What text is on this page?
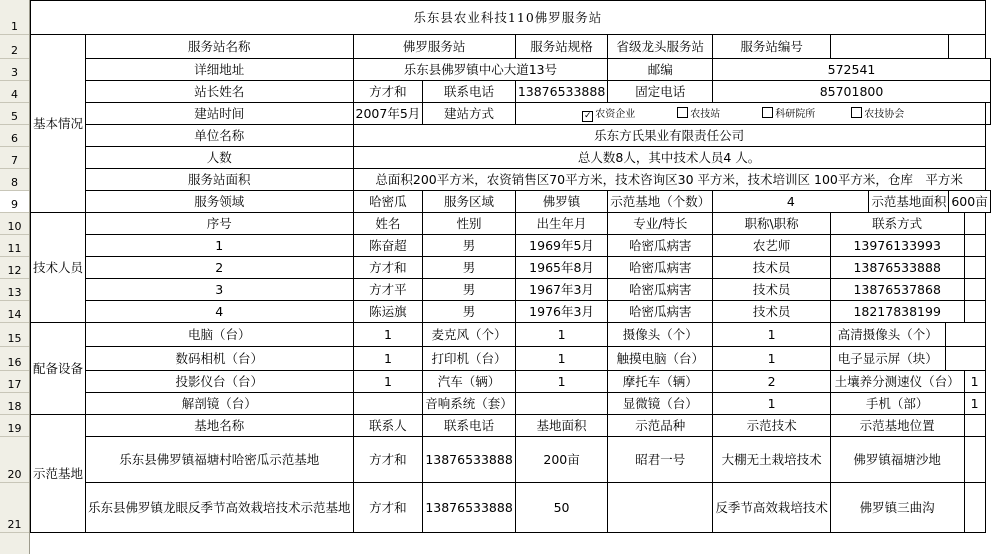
1
2
3
4
5
6
7
8
9
10
11
12
13
14
15
16
17
18
19
20
21
乐东县农业科技110佛罗服务站												
基本情况	服务站名称	佛罗服务站		服务站规格	省级龙头服务站	服务站编号						
	详细地址	乐东县佛罗镇中心大道13号			邮编	572541						
	站长姓名	方才和	联系电话	13876533888	固定电话	85701800						
	建站时间	2007年5月	建站方式	✓ 农资企业 农技站 科研院所 农技协会								
	单位名称	乐东方氏果业有限责任公司										
	人数	总人数8人，其中技术人员4 人。										
	服务站面积	总面积200平方米，农资销售区70平方米，技术咨询区30 平方米，技术培训区 100平方米，仓库　平方米										
	服务领域	哈密瓜	服务区域	佛罗镇	示范基地（个数）	4		示范基地面积		600亩		
技术人员	序号	姓名	性别	出生年月	专业/特长	职称\职称	联系方式					
	1	陈奋超	男	1969年5月	哈密瓜病害	农艺师	13976133993					
	2	方才和	男	1965年8月	哈密瓜病害	技术员	13876533888					
	3	方才平	男	1967年3月	哈密瓜病害	技术员	13876537868					
	4	陈运旗	男	1976年3月	哈密瓜病害	技术员	18217838199					
配备设备	电脑（台）	1	麦克风（个）	1	摄像头（个）	1	高清摄像头（个）					
	数码相机（台）	1	打印机（台）	1	触摸电脑（台）	1	电子显示屏（块）					
	投影仪台（台）	1	汽车（辆）	1	摩托车（辆）	2	土壤养分测速仪（台）				1	
	解剖镜（台）		音响系统（套）		显微镜（台）	1	手机（部）				1	
示范基地	基地名称	联系人	联系电话	基地面积	示范品种	示范技术	示范基地位置					
	乐东县佛罗镇福塘村哈密瓜示范基地	方才和	13876533888	200亩	昭君一号	大棚无土栽培技术	佛罗镇福塘沙地					
	乐东县佛罗镇龙眼反季节高效栽培技术示范基地	方才和	13876533888	50		反季节高效栽培技术	佛罗镇三曲沟					
